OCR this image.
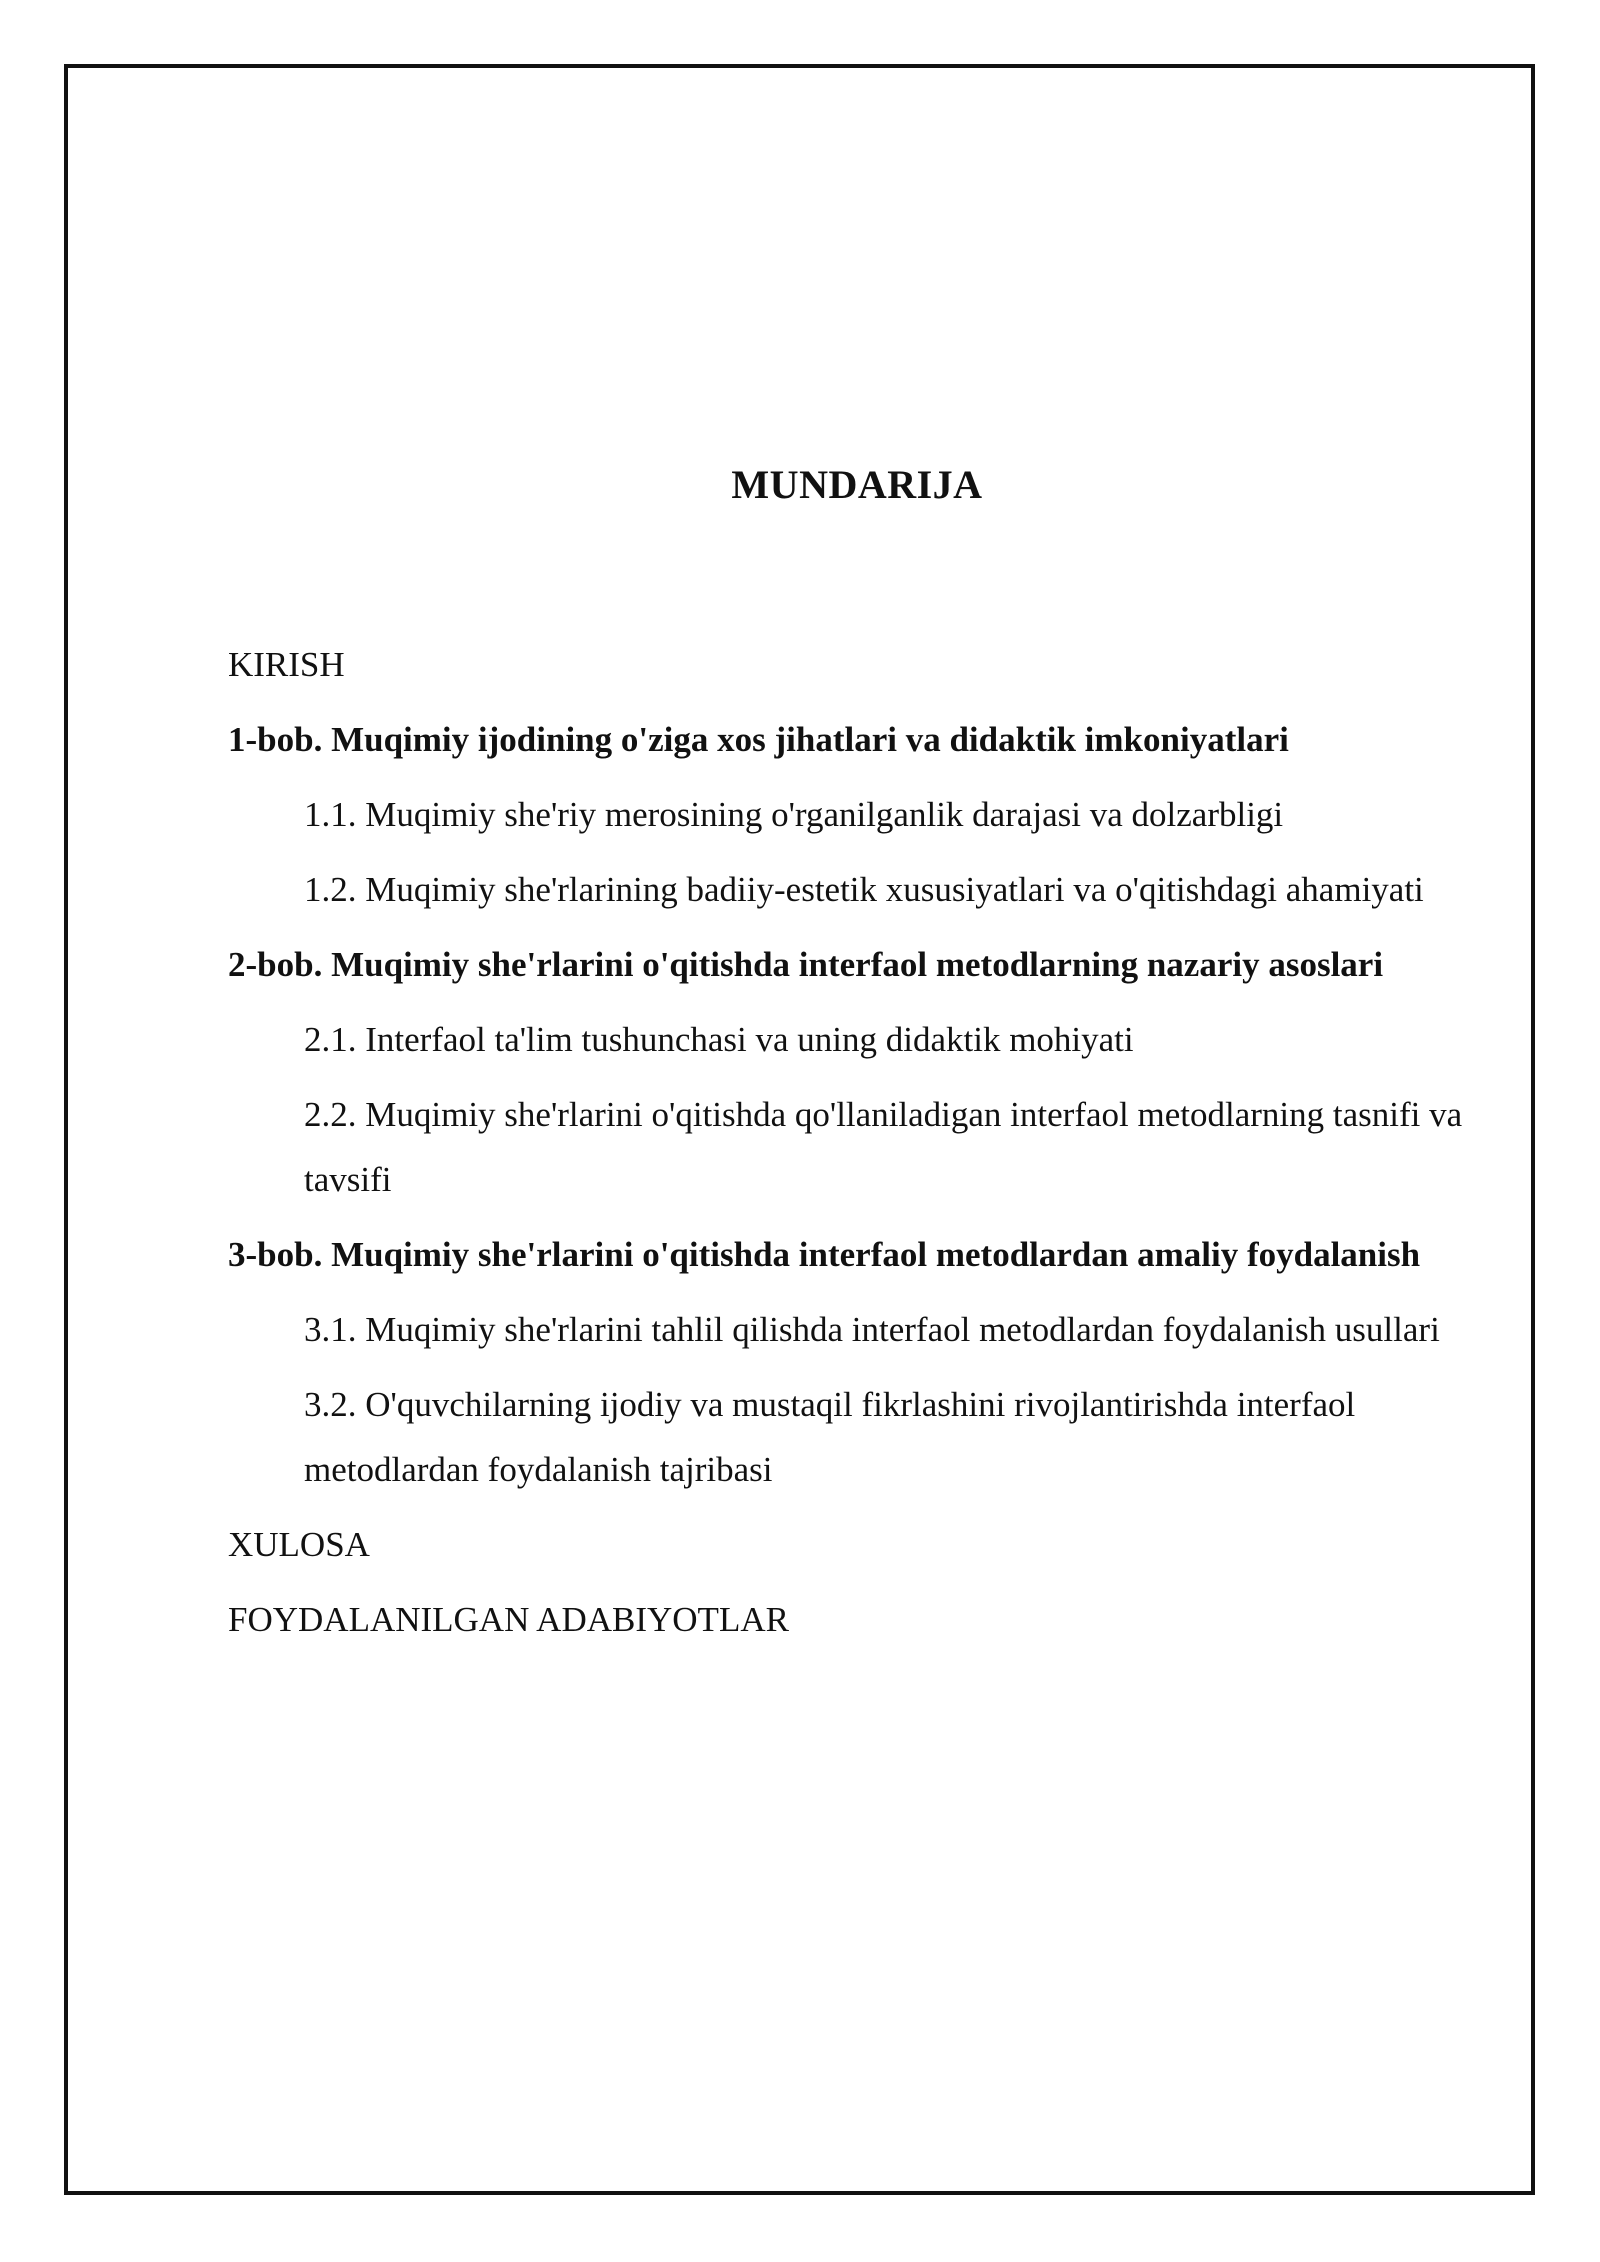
MUNDARIJA
KIRISH
1-bob. Muqimiy ijodining o'ziga xos jihatlari va didaktik imkoniyatlari
1.1. Muqimiy she'riy merosining o'rganilganlik darajasi va dolzarbligi
1.2. Muqimiy she'rlarining badiiy-estetik xususiyatlari va o'qitishdagi ahamiyati
2-bob. Muqimiy she'rlarini o'qitishda interfaol metodlarning nazariy asoslari
2.1. Interfaol ta'lim tushunchasi va uning didaktik mohiyati
2.2. Muqimiy she'rlarini o'qitishda qo'llaniladigan interfaol metodlarning tasnifi va tavsifi
3-bob. Muqimiy she'rlarini o'qitishda interfaol metodlardan amaliy foydalanish
3.1. Muqimiy she'rlarini tahlil qilishda interfaol metodlardan foydalanish usullari
3.2. O'quvchilarning ijodiy va mustaqil fikrlashini rivojlantirishda interfaol metodlardan foydalanish tajribasi
XULOSA
FOYDALANILGAN ADABIYOTLAR
